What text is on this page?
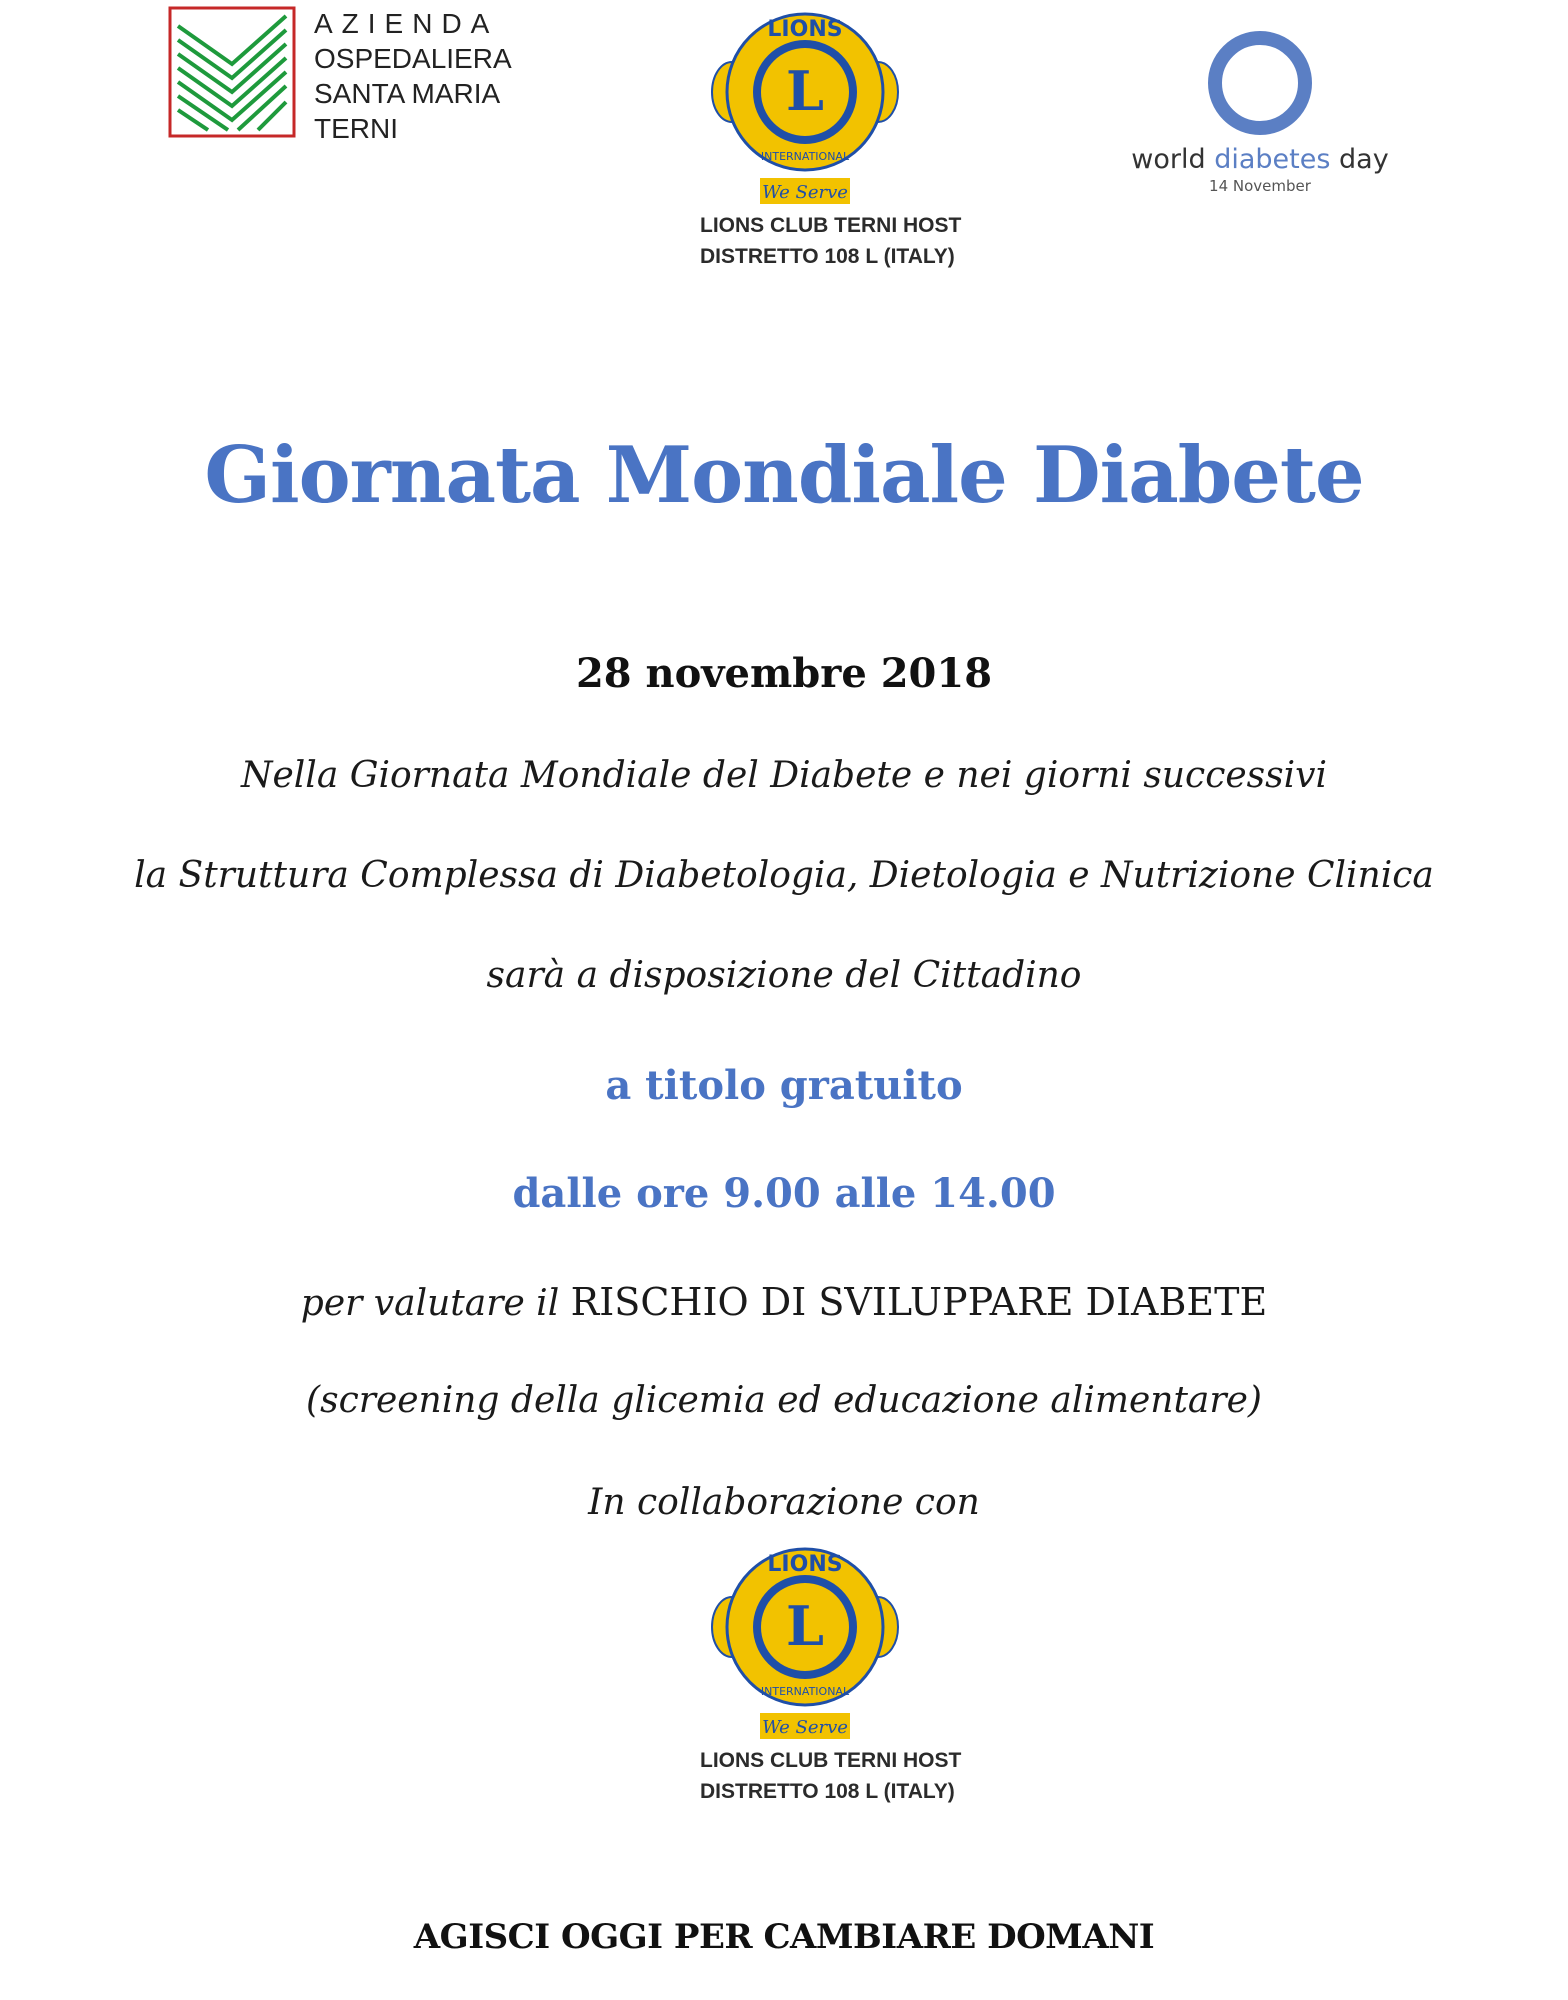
AZIENDA
OSPEDALIERA
SANTA MARIA
TERNI
L
LIONS
INTERNATIONAL
We Serve
LIONS CLUB TERNI HOST
DISTRETTO 108 L (ITALY)
world diabetes day
14 November
Giornata Mondiale Diabete
28 novembre 2018
Nella Giornata Mondiale del Diabete e nei giorni successivi
la Struttura Complessa di Diabetologia, Dietologia e Nutrizione Clinica
sarà a disposizione del Cittadino
a titolo gratuito
dalle ore 9.00 alle 14.00
per valutare il RISCHIO DI SVILUPPARE DIABETE
(screening della glicemia ed educazione alimentare)
In collaborazione con
L
LIONS
INTERNATIONAL
We Serve
LIONS CLUB TERNI HOST
DISTRETTO 108 L (ITALY)
AGISCI OGGI PER CAMBIARE DOMANI
